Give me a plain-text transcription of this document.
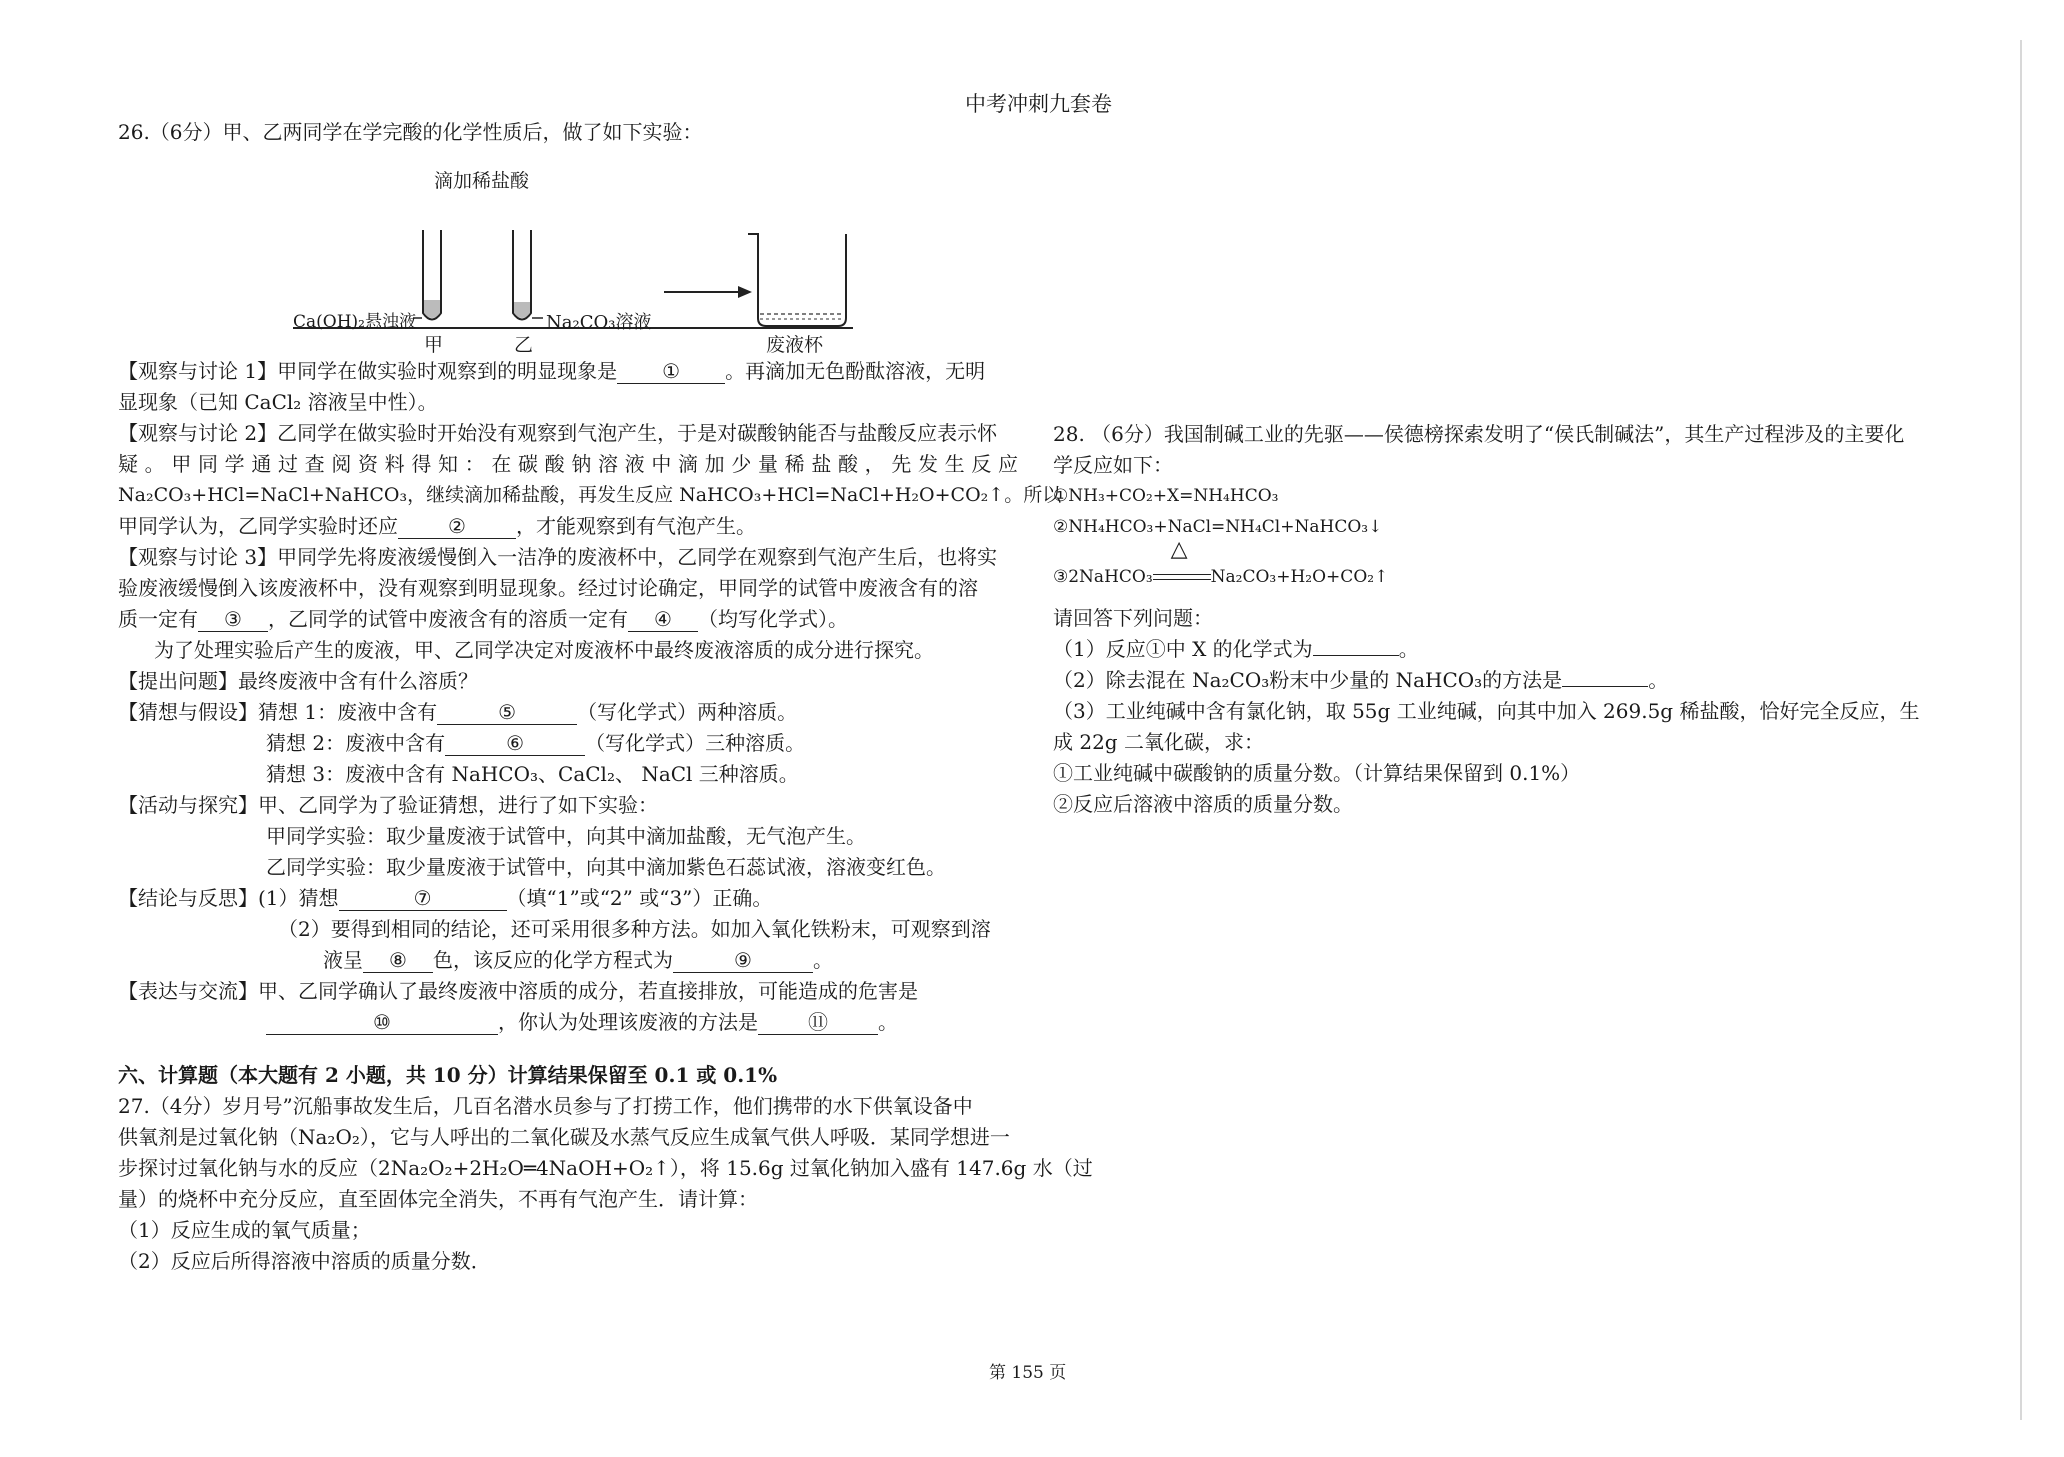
中考冲刺九套卷
26.（6分）甲、乙两同学在学完酸的化学性质后，做了如下实验：
滴加稀盐酸
Ca(OH)₂悬浊液	Na₂CO₃溶液
甲	乙	废液杯
【观察与讨论 1】甲同学在做实验时观察到的明显现象是 ① 。再滴加无色酚酞溶液，无明
显现象（已知 CaCl₂ 溶液呈中性）。
【观察与讨论 2】乙同学在做实验时开始没有观察到气泡产生，于是对碳酸钠能否与盐酸反应表示怀
疑。甲同学通过查阅资料得知：在碳酸钠溶液中滴加少量稀盐酸，先发生反应
Na₂CO₃+HCl=NaCl+NaHCO₃，继续滴加稀盐酸，再发生反应 NaHCO₃+HCl=NaCl+H₂O+CO₂↑。所以
甲同学认为，乙同学实验时还应	②	，才能观察到有气泡产生。
【观察与讨论 3】甲同学先将废液缓慢倒入一洁净的废液杯中，乙同学在观察到气泡产生后，也将实
验废液缓慢倒入该废液杯中，没有观察到明显现象。经过讨论确定，甲同学的试管中废液含有的溶
质一定有 ③ ，乙同学的试管中废液含有的溶质一定有 ④ （均写化学式）。
为了处理实验后产生的废液，甲、乙同学决定对废液杯中最终废液溶质的成分进行探究。
【提出问题】最终废液中含有什么溶质？
【猜想与假设】猜想 1：废液中含有	⑤	（写化学式）两种溶质。
猜想 2：废液中含有	⑥	（写化学式）三种溶质。
猜想 3：废液中含有 NaHCO₃、CaCl₂、 NaCl 三种溶质。
【活动与探究】甲、乙同学为了验证猜想，进行了如下实验：
甲同学实验：取少量废液于试管中，向其中滴加盐酸，无气泡产生。
乙同学实验：取少量废液于试管中，向其中滴加紫色石蕊试液，溶液变红色。
【结论与反思】(1）猜想	⑦	（填“1”或“2” 或“3”）正确。
（2）要得到相同的结论，还可采用很多种方法。如加入氧化铁粉末，可观察到溶
液呈 ⑧ 色，该反应的化学方程式为	⑨	。
【表达与交流】甲、乙同学确认了最终废液中溶质的成分，若直接排放，可能造成的危害是
⑩	，你认为处理该废液的方法是	⑪	。
六、计算题（本大题有 2 小题，共 10 分）计算结果保留至 0.1 或 0.1%
27.（4分）岁月号”沉船事故发生后，几百名潜水员参与了打捞工作，他们携带的水下供氧设备中
供氧剂是过氧化钠（Na₂O₂），它与人呼出的二氧化碳及水蒸气反应生成氧气供人呼吸．某同学想进一
步探讨过氧化钠与水的反应（2Na₂O₂+2H₂O═4NaOH+O₂↑），将 15.6g 过氧化钠加入盛有 147.6g 水（过
量）的烧杯中充分反应，直至固体完全消失，不再有气泡产生．请计算：
（1）反应生成的氧气质量；
（2）反应后所得溶液中溶质的质量分数．
28. （6分）我国制碱工业的先驱——侯德榜探索发明了“侯氏制碱法”，其生产过程涉及的主要化
学反应如下：
①NH₃+CO₂+X=NH₄HCO₃
②NH₄HCO₃+NaCl=NH₄Cl+NaHCO₃↓
③2NaHCO₃
△
Na₂CO₃+H₂O+CO₂↑
请回答下列问题：
（1）反应①中 X 的化学式为	。
（2）除去混在 Na₂CO₃粉末中少量的 NaHCO₃的方法是	。
（3）工业纯碱中含有氯化钠，取 55g 工业纯碱，向其中加入 269.5g 稀盐酸，恰好完全反应，生
成 22g 二氧化碳，求：
①工业纯碱中碳酸钠的质量分数。（计算结果保留到 0.1%）
②反应后溶液中溶质的质量分数。
第 155 页
